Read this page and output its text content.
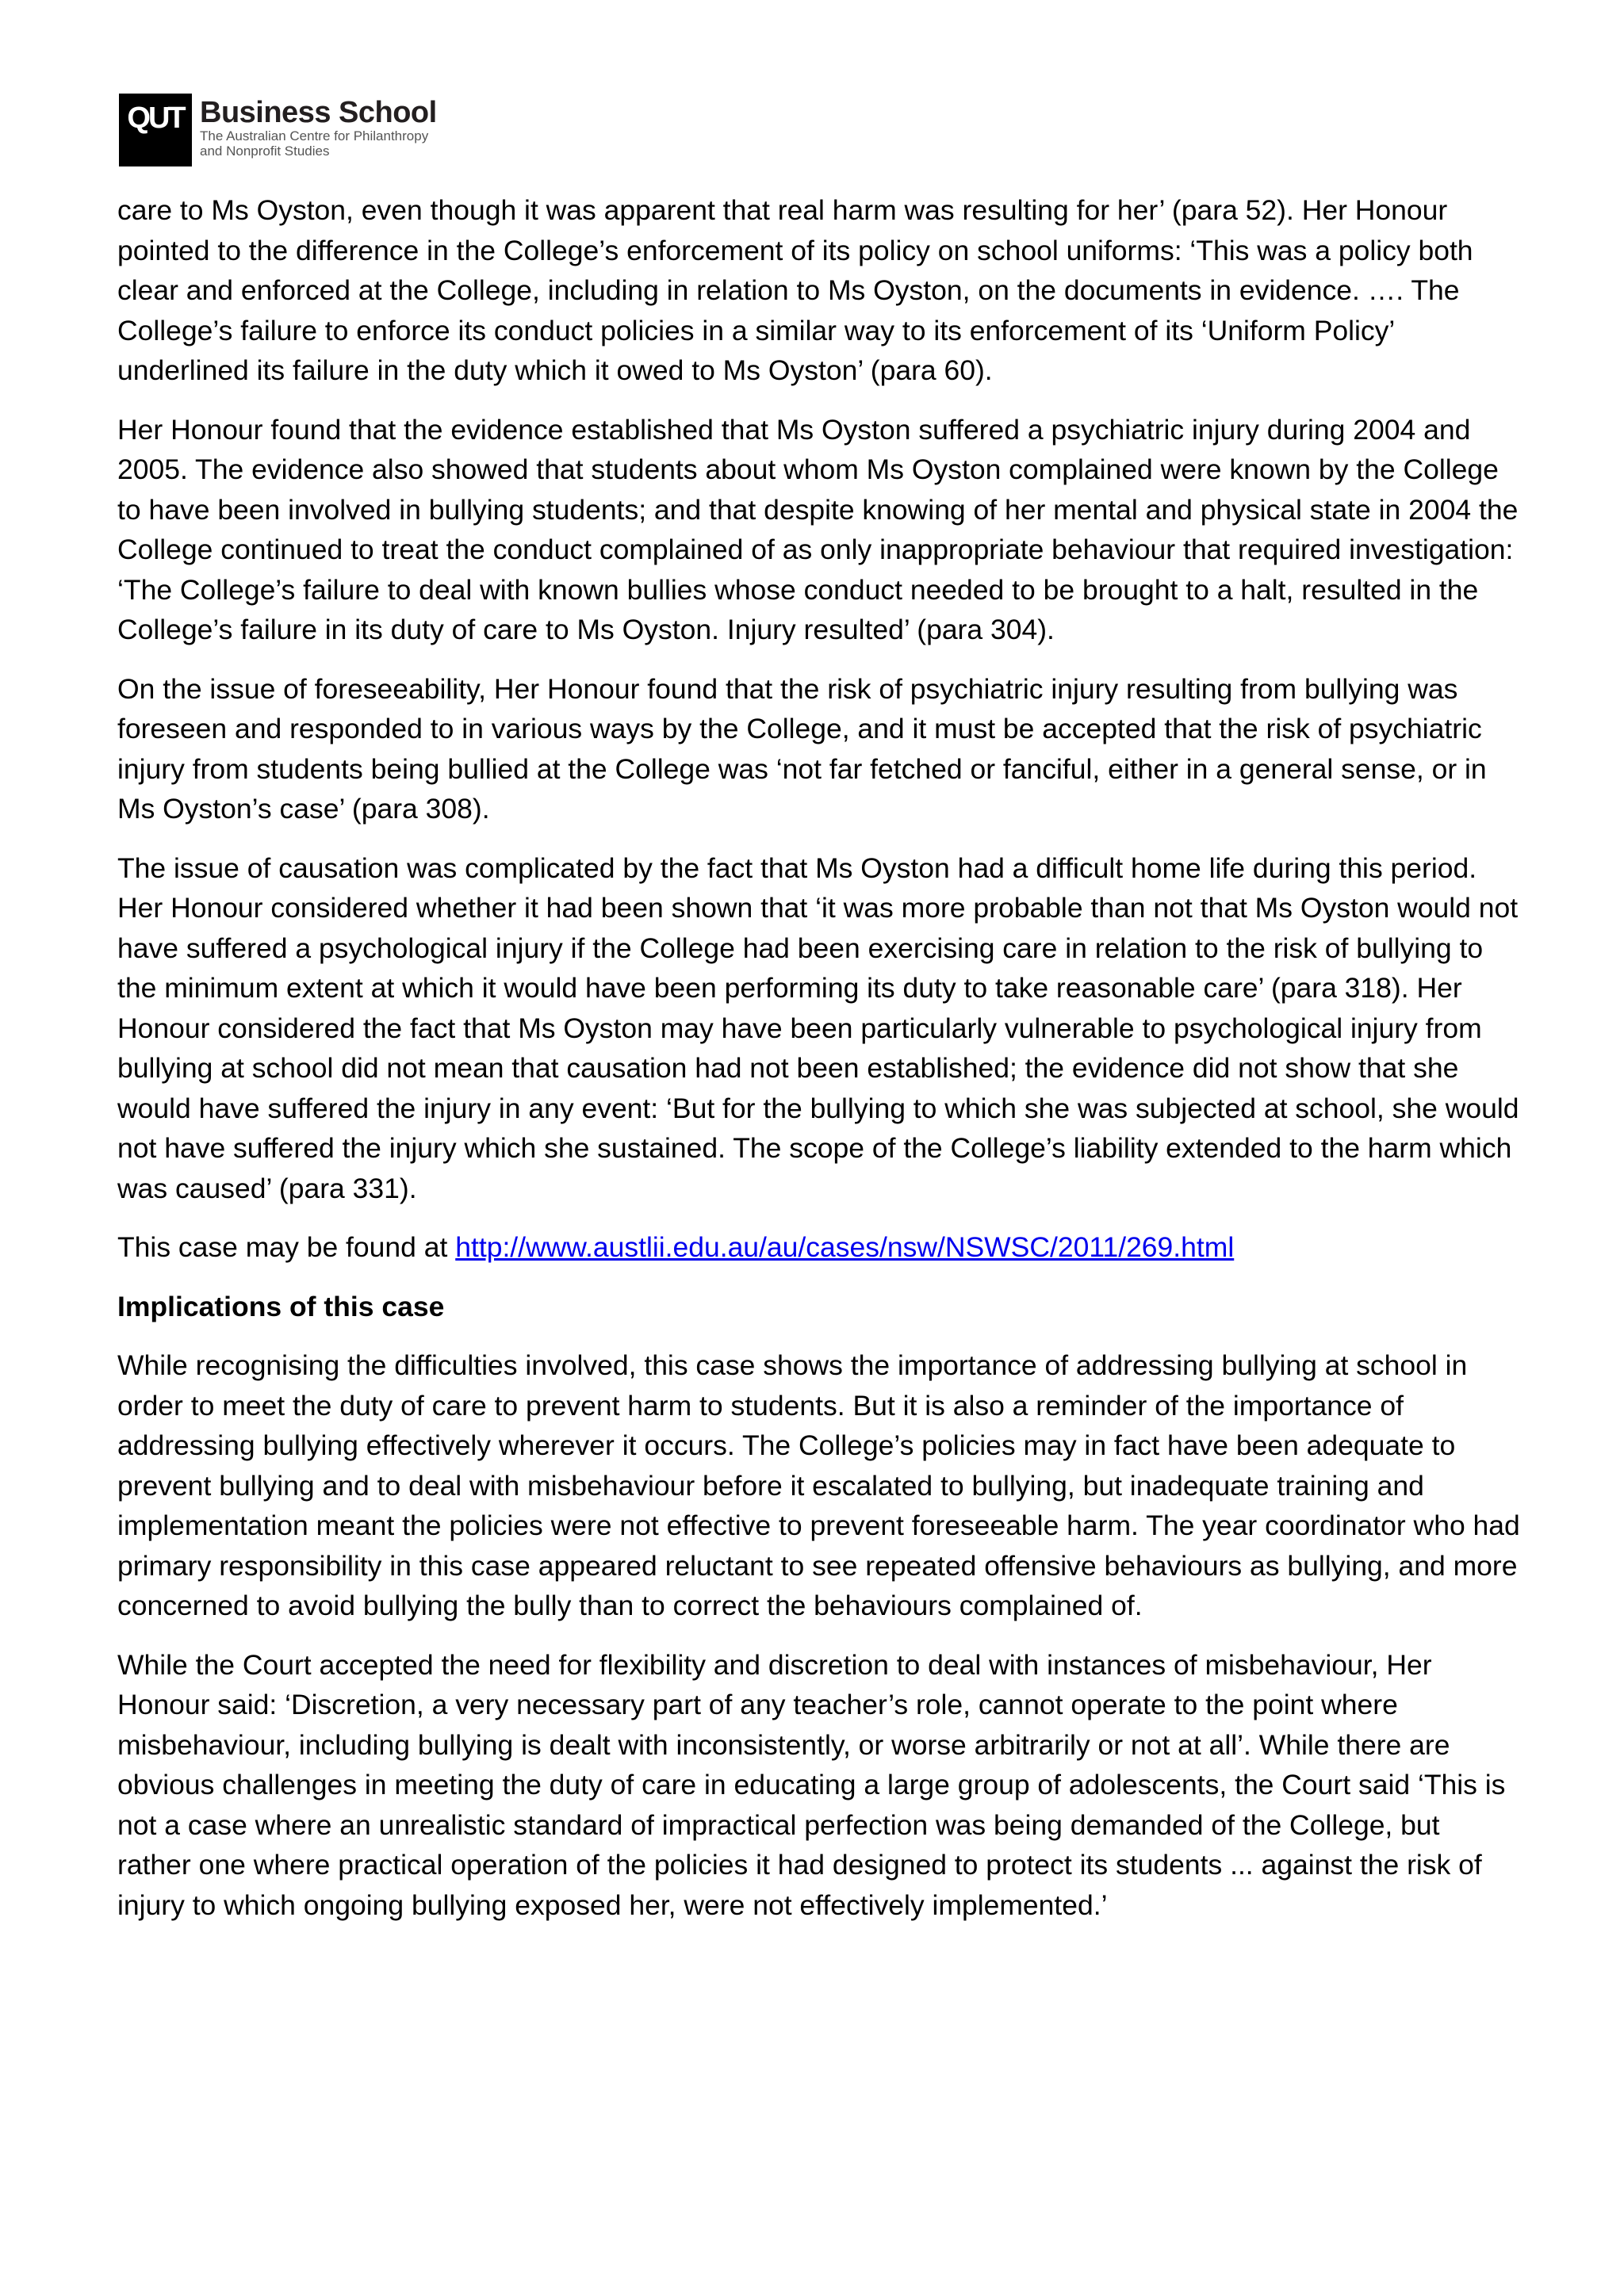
QUT Business School
The Australian Centre for Philanthropy
and Nonprofit Studies

care to Ms Oyston, even though it was apparent that real harm was resulting for her’ (para 52). Her Honour pointed to the difference in the College’s enforcement of its policy on school uniforms: ‘This was a policy both clear and enforced at the College, including in relation to Ms Oyston, on the documents in evidence. …. The College’s failure to enforce its conduct policies in a similar way to its enforcement of its ‘Uniform Policy’ underlined its failure in the duty which it owed to Ms Oyston’ (para 60).

Her Honour found that the evidence established that Ms Oyston suffered a psychiatric injury during 2004 and 2005. The evidence also showed that students about whom Ms Oyston complained were known by the College to have been involved in bullying students; and that despite knowing of her mental and physical state in 2004 the College continued to treat the conduct complained of as only inappropriate behaviour that required investigation: ‘The College’s failure to deal with known bullies whose conduct needed to be brought to a halt, resulted in the College’s failure in its duty of care to Ms Oyston. Injury resulted’ (para 304).

On the issue of foreseeability, Her Honour found that the risk of psychiatric injury resulting from bullying was foreseen and responded to in various ways by the College, and it must be accepted that the risk of psychiatric injury from students being bullied at the College was ‘not far fetched or fanciful, either in a general sense, or in Ms Oyston’s case’ (para 308).

The issue of causation was complicated by the fact that Ms Oyston had a difficult home life during this period. Her Honour considered whether it had been shown that ‘it was more probable than not that Ms Oyston would not have suffered a psychological injury if the College had been exercising care in relation to the risk of bullying to the minimum extent at which it would have been performing its duty to take reasonable care’ (para 318). Her Honour considered the fact that Ms Oyston may have been particularly vulnerable to psychological injury from bullying at school did not mean that causation had not been established; the evidence did not show that she would have suffered the injury in any event: ‘But for the bullying to which she was subjected at school, she would not have suffered the injury which she sustained. The scope of the College’s liability extended to the harm which was caused’ (para 331).

This case may be found at http://www.austlii.edu.au/au/cases/nsw/NSWSC/2011/269.html

Implications of this case

While recognising the difficulties involved, this case shows the importance of addressing bullying at school in order to meet the duty of care to prevent harm to students. But it is also a reminder of the importance of addressing bullying effectively wherever it occurs. The College’s policies may in fact have been adequate to prevent bullying and to deal with misbehaviour before it escalated to bullying, but inadequate training and implementation meant the policies were not effective to prevent foreseeable harm. The year coordinator who had primary responsibility in this case appeared reluctant to see repeated offensive behaviours as bullying, and more concerned to avoid bullying the bully than to correct the behaviours complained of.

While the Court accepted the need for flexibility and discretion to deal with instances of misbehaviour, Her Honour said: ‘Discretion, a very necessary part of any teacher’s role, cannot operate to the point where misbehaviour, including bullying is dealt with inconsistently, or worse arbitrarily or not at all’. While there are obvious challenges in meeting the duty of care in educating a large group of adolescents, the Court said ‘This is not a case where an unrealistic standard of impractical perfection was being demanded of the College, but rather one where practical operation of the policies it had designed to protect its students ... against the risk of injury to which ongoing bullying exposed her, were not effectively implemented.’
